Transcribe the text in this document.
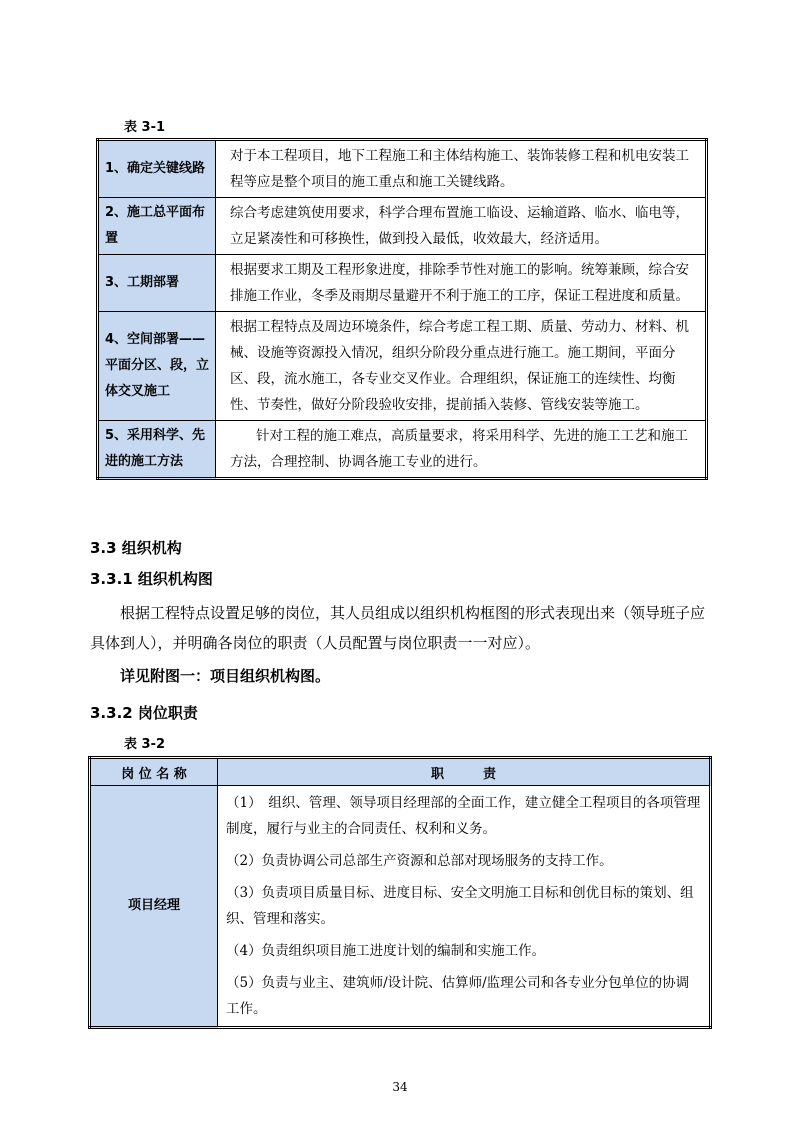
表 3-1
1、确定关键线路	对于本工程项目，地下工程施工和主体结构施工、装饰装修工程和机电安装工程等应是整个项目的施工重点和施工关键线路。
2、施工总平面布置	综合考虑建筑使用要求，科学合理布置施工临设、运输道路、临水、临电等，立足紧凑性和可移换性，做到投入最低，收效最大，经济适用。
3、工期部署	根据要求工期及工程形象进度，排除季节性对施工的影响。统筹兼顾，综合安排施工作业，冬季及雨期尽量避开不利于施工的工序，保证工程进度和质量。
4、空间部署——平面分区、段，立体交叉施工	根据工程特点及周边环境条件，综合考虑工程工期、质量、劳动力、材料、机械、设施等资源投入情况，组织分阶段分重点进行施工。施工期间，平面分区、段，流水施工，各专业交叉作业。合理组织，保证施工的连续性、均衡性、节奏性，做好分阶段验收安排，提前插入装修、管线安装等施工。
5、采用科学、先进的施工方法	针对工程的施工难点，高质量要求，将采用科学、先进的施工工艺和施工方法，合理控制、协调各施工专业的进行。
3.3 组织机构
3.3.1 组织机构图
根据工程特点设置足够的岗位，其人员组成以组织机构框图的形式表现出来（领导班子应具体到人），并明确各岗位的职责（人员配置与岗位职责一一对应）。
详见附图一：项目组织机构图。
3.3.2 岗位职责
表 3-2
岗 位 名 称	职　　　责
项目经理	（1）　组织、管理、领导项目经理部的全面工作，建立健全工程项目的各项管理制度，履行与业主的合同责任、权利和义务。

（2）负责协调公司总部生产资源和总部对现场服务的支持工作。

（3）负责项目质量目标、进度目标、安全文明施工目标和创优目标的策划、组织、管理和落实。

（4）负责组织项目施工进度计划的编制和实施工作。

（5）负责与业主、建筑师/设计院、估算师/监理公司和各专业分包单位的协调工作。

34
